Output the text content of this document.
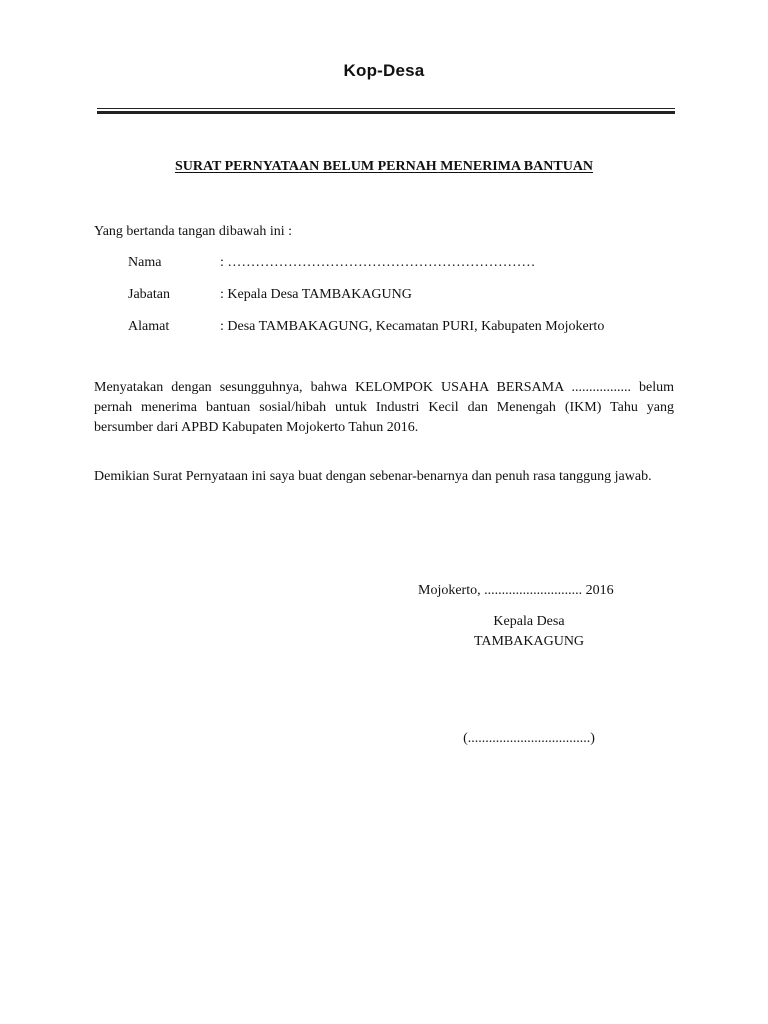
Kop-Desa
SURAT PERNYATAAN BELUM PERNAH MENERIMA BANTUAN
Yang bertanda tangan dibawah ini :
Nama	: …………………………………………………………
Jabatan	: Kepala Desa TAMBAKAGUNG
Alamat	: Desa TAMBAKAGUNG, Kecamatan PURI, Kabupaten Mojokerto
Menyatakan dengan sesungguhnya, bahwa KELOMPOK USAHA BERSAMA ................. belum pernah menerima bantuan sosial/hibah untuk Industri Kecil dan Menengah (IKM) Tahu yang bersumber dari APBD Kabupaten Mojokerto Tahun 2016.
Demikian Surat Pernyataan ini saya buat dengan sebenar-benarnya dan penuh rasa tanggung jawab.
Mojokerto, ............................ 2016
Kepala Desa
TAMBAKAGUNG
(...................................)
